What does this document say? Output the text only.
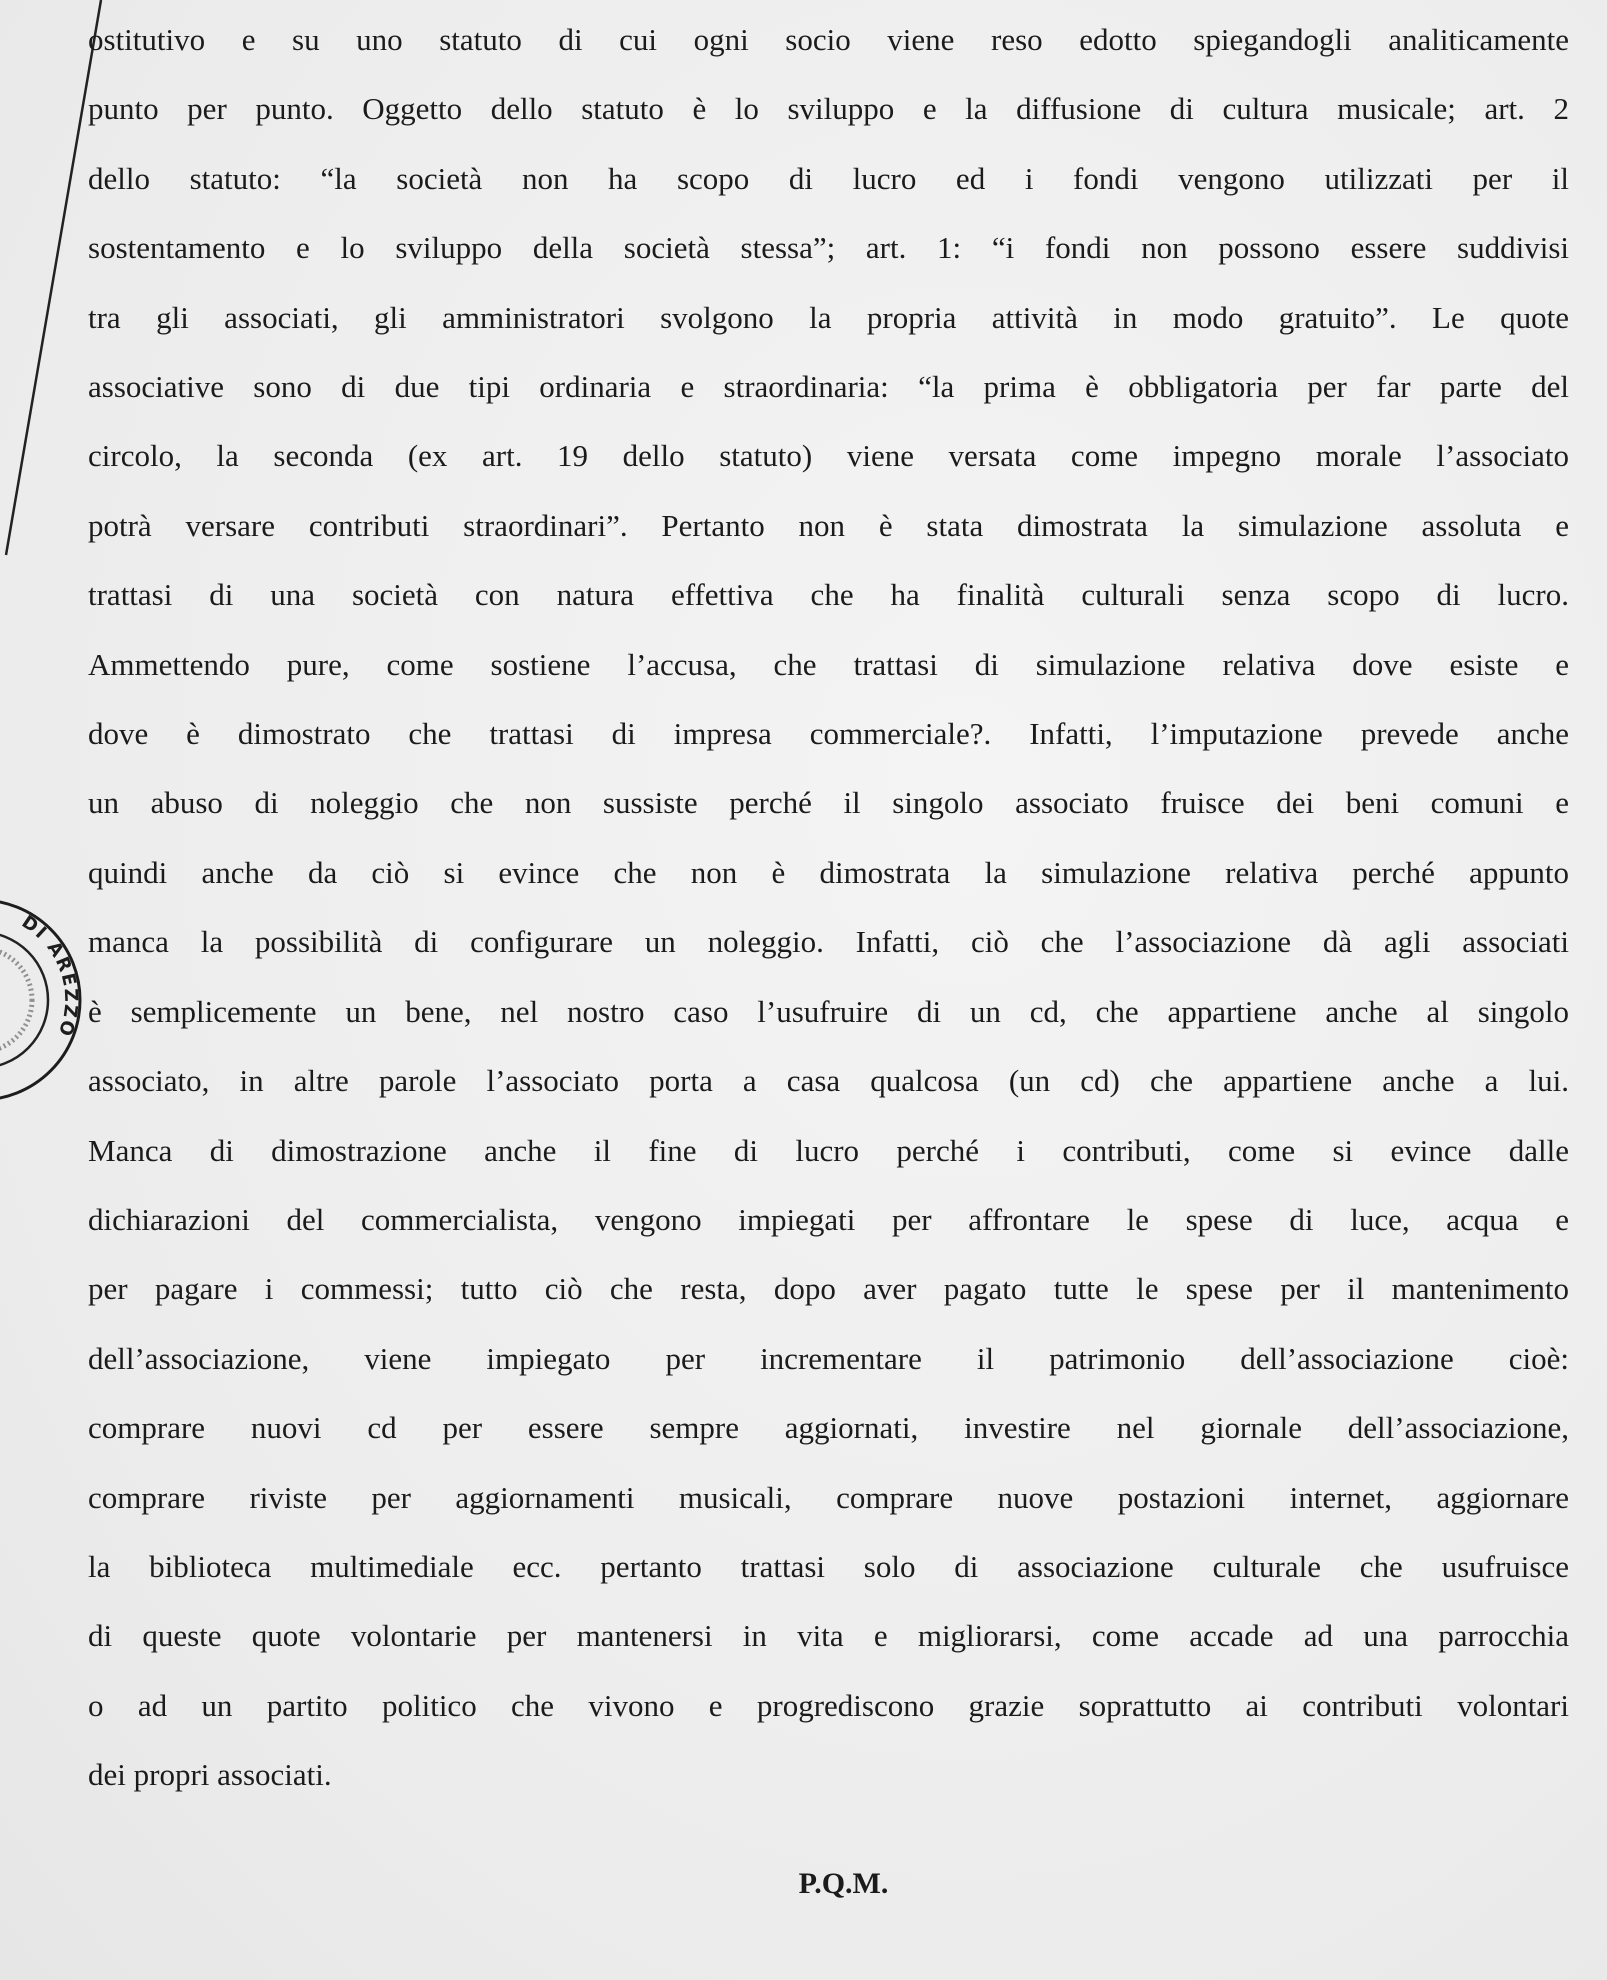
DI AREZZO
ostitutivo e su uno statuto di cui ogni socio viene reso edotto spiegandogli analiticamente
punto per punto. Oggetto dello statuto è lo sviluppo e la diffusione di cultura musicale; art. 2
dello statuto: “la società non ha scopo di lucro ed i fondi vengono utilizzati per il
sostentamento e lo sviluppo della società stessa”; art. 1: “i fondi non possono essere suddivisi
tra gli associati, gli amministratori svolgono la propria attività in modo gratuito”. Le quote
associative sono di due tipi ordinaria e straordinaria: “la prima è obbligatoria per far parte del
circolo, la seconda (ex art. 19 dello statuto) viene versata come impegno morale l’associato
potrà versare contributi straordinari”. Pertanto non è stata dimostrata la simulazione assoluta e
trattasi di una società con natura effettiva che ha finalità culturali senza scopo di lucro.
Ammettendo pure, come sostiene l’accusa, che trattasi di simulazione relativa dove esiste e
dove è dimostrato che trattasi di impresa commerciale?. Infatti, l’imputazione prevede anche
un abuso di noleggio che non sussiste perché il singolo associato fruisce dei beni comuni e
quindi anche da ciò si evince che non è dimostrata la simulazione relativa perché appunto
manca la possibilità di configurare un noleggio. Infatti, ciò che l’associazione dà agli associati
è semplicemente un bene, nel nostro caso l’usufruire di un cd, che appartiene anche al singolo
associato, in altre parole l’associato porta a casa qualcosa (un cd) che appartiene anche a lui.
Manca di dimostrazione anche il fine di lucro perché i contributi, come si evince dalle
dichiarazioni del commercialista, vengono impiegati per affrontare le spese di luce, acqua e
per pagare i commessi; tutto ciò che resta, dopo aver pagato tutte le spese per il mantenimento
dell’associazione, viene impiegato per incrementare il patrimonio dell’associazione cioè:
comprare nuovi cd per essere sempre aggiornati, investire nel giornale dell’associazione,
comprare riviste per aggiornamenti musicali, comprare nuove postazioni internet, aggiornare
la biblioteca multimediale ecc. pertanto trattasi solo di associazione culturale che usufruisce
di queste quote volontarie per mantenersi in vita e migliorarsi, come accade ad una parrocchia
o ad un partito politico che vivono e progrediscono grazie soprattutto ai contributi volontari
dei propri associati.
P.Q.M.
